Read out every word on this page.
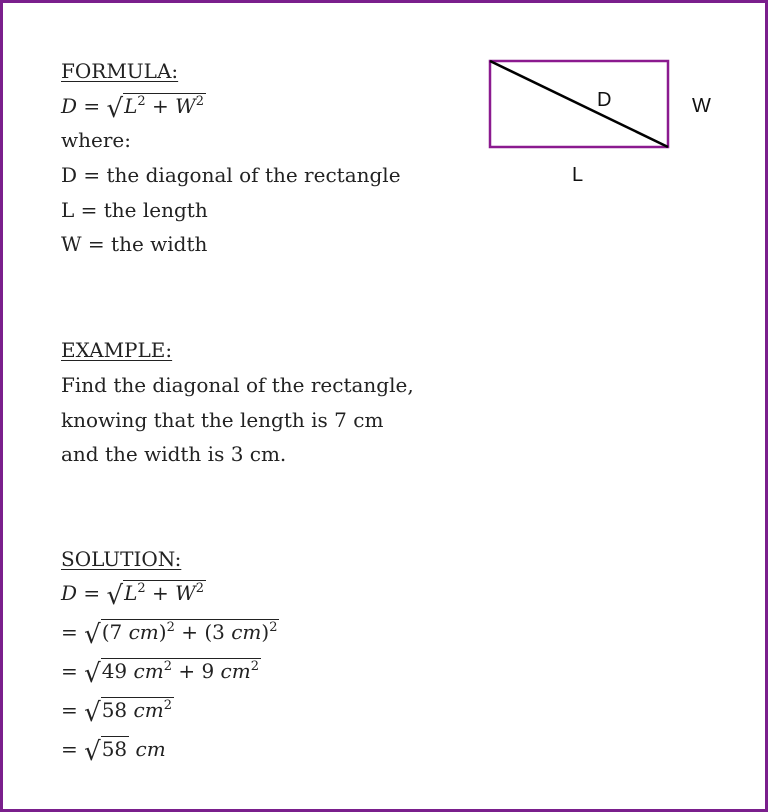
FORMULA:
$D = √L^2 + W^2$
where:
D = the diagonal of the rectangle
L = the length
W = the width
D	W
L
EXAMPLE:
Find the diagonal of the rectangle,
knowing that the length is 7 cm
and the width is 3 cm.
SOLUTION:
$D = √L^2 + W^2$
= √(7 cm)$^2$ + (3 cm)$^2$
= √49 $cm^2 + 9$ $cm^2$
= √58 $cm^2$
= √58 cm
